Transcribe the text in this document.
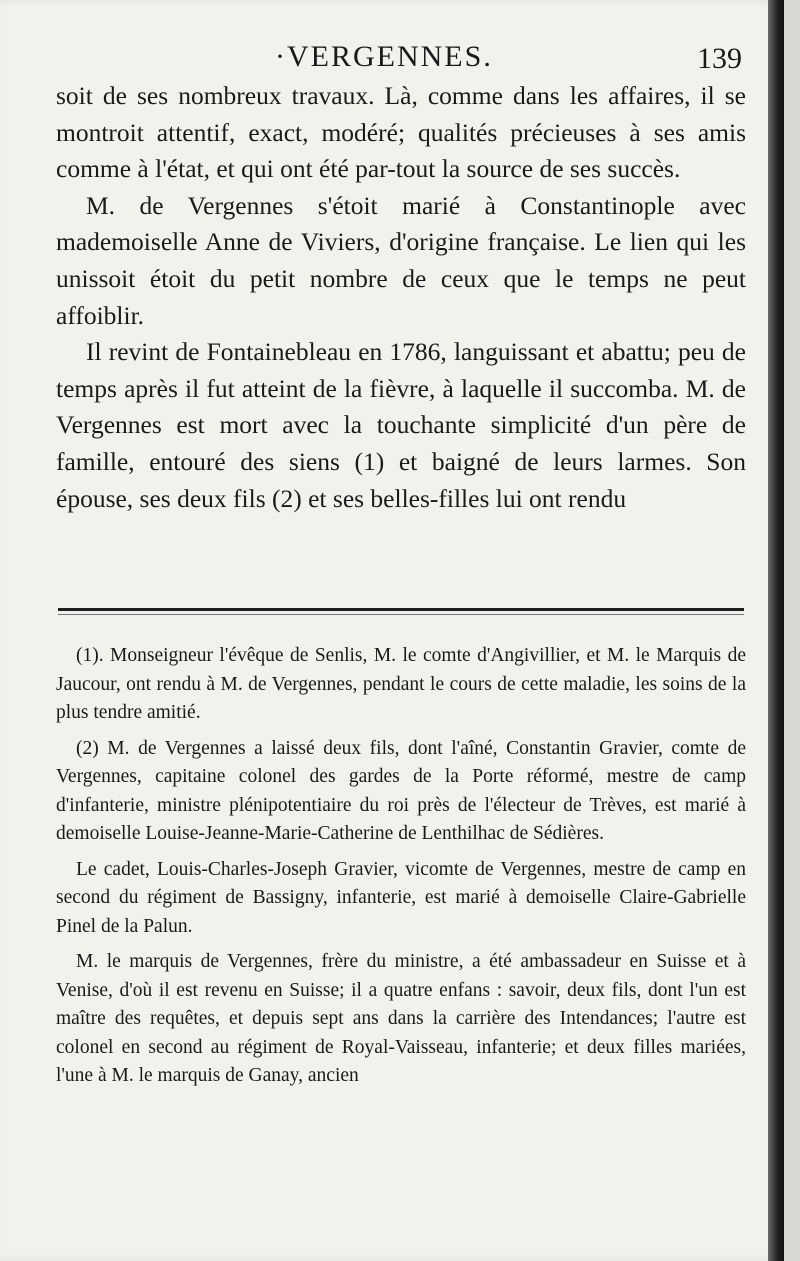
·VERGENNES.	139

soit de ses nombreux travaux. Là, comme dans les affaires, il se montroit attentif, exact, modéré; qualités précieuses à ses amis comme à l'état, et qui ont été par-tout la source de ses succès.

M. de Vergennes s'étoit marié à Constantinople avec mademoiselle Anne de Viviers, d'origine française. Le lien qui les unissoit étoit du petit nombre de ceux que le temps ne peut affoiblir.

Il revint de Fontainebleau en 1786, languissant et abattu; peu de temps après il fut atteint de la fièvre, à laquelle il succomba. M. de Vergennes est mort avec la touchante simplicité d'un père de famille, entouré des siens (1) et baigné de leurs larmes. Son épouse, ses deux fils (2) et ses belles-filles lui ont rendu

(1). Monseigneur l'évêque de Senlis, M. le comte d'Angivillier, et M. le Marquis de Jaucour, ont rendu à M. de Vergennes, pendant le cours de cette maladie, les soins de la plus tendre amitié.

(2) M. de Vergennes a laissé deux fils, dont l'aîné, Constantin Gravier, comte de Vergennes, capitaine colonel des gardes de la Porte réformé, mestre de camp d'infanterie, ministre plénipotentiaire du roi près de l'électeur de Trèves, est marié à demoiselle Louise-Jeanne-Marie-Catherine de Lenthilhac de Sédières.

Le cadet, Louis-Charles-Joseph Gravier, vicomte de Vergennes, mestre de camp en second du régiment de Bassigny, infanterie, est marié à demoiselle Claire-Gabrielle Pinel de la Palun.

M. le marquis de Vergennes, frère du ministre, a été ambassadeur en Suisse et à Venise, d'où il est revenu en Suisse; il a quatre enfans : savoir, deux fils, dont l'un est maître des requêtes, et depuis sept ans dans la carrière des Intendances; l'autre est colonel en second au régiment de Royal-Vaisseau, infanterie; et deux filles mariées, l'une à M. le marquis de Ganay, ancien
